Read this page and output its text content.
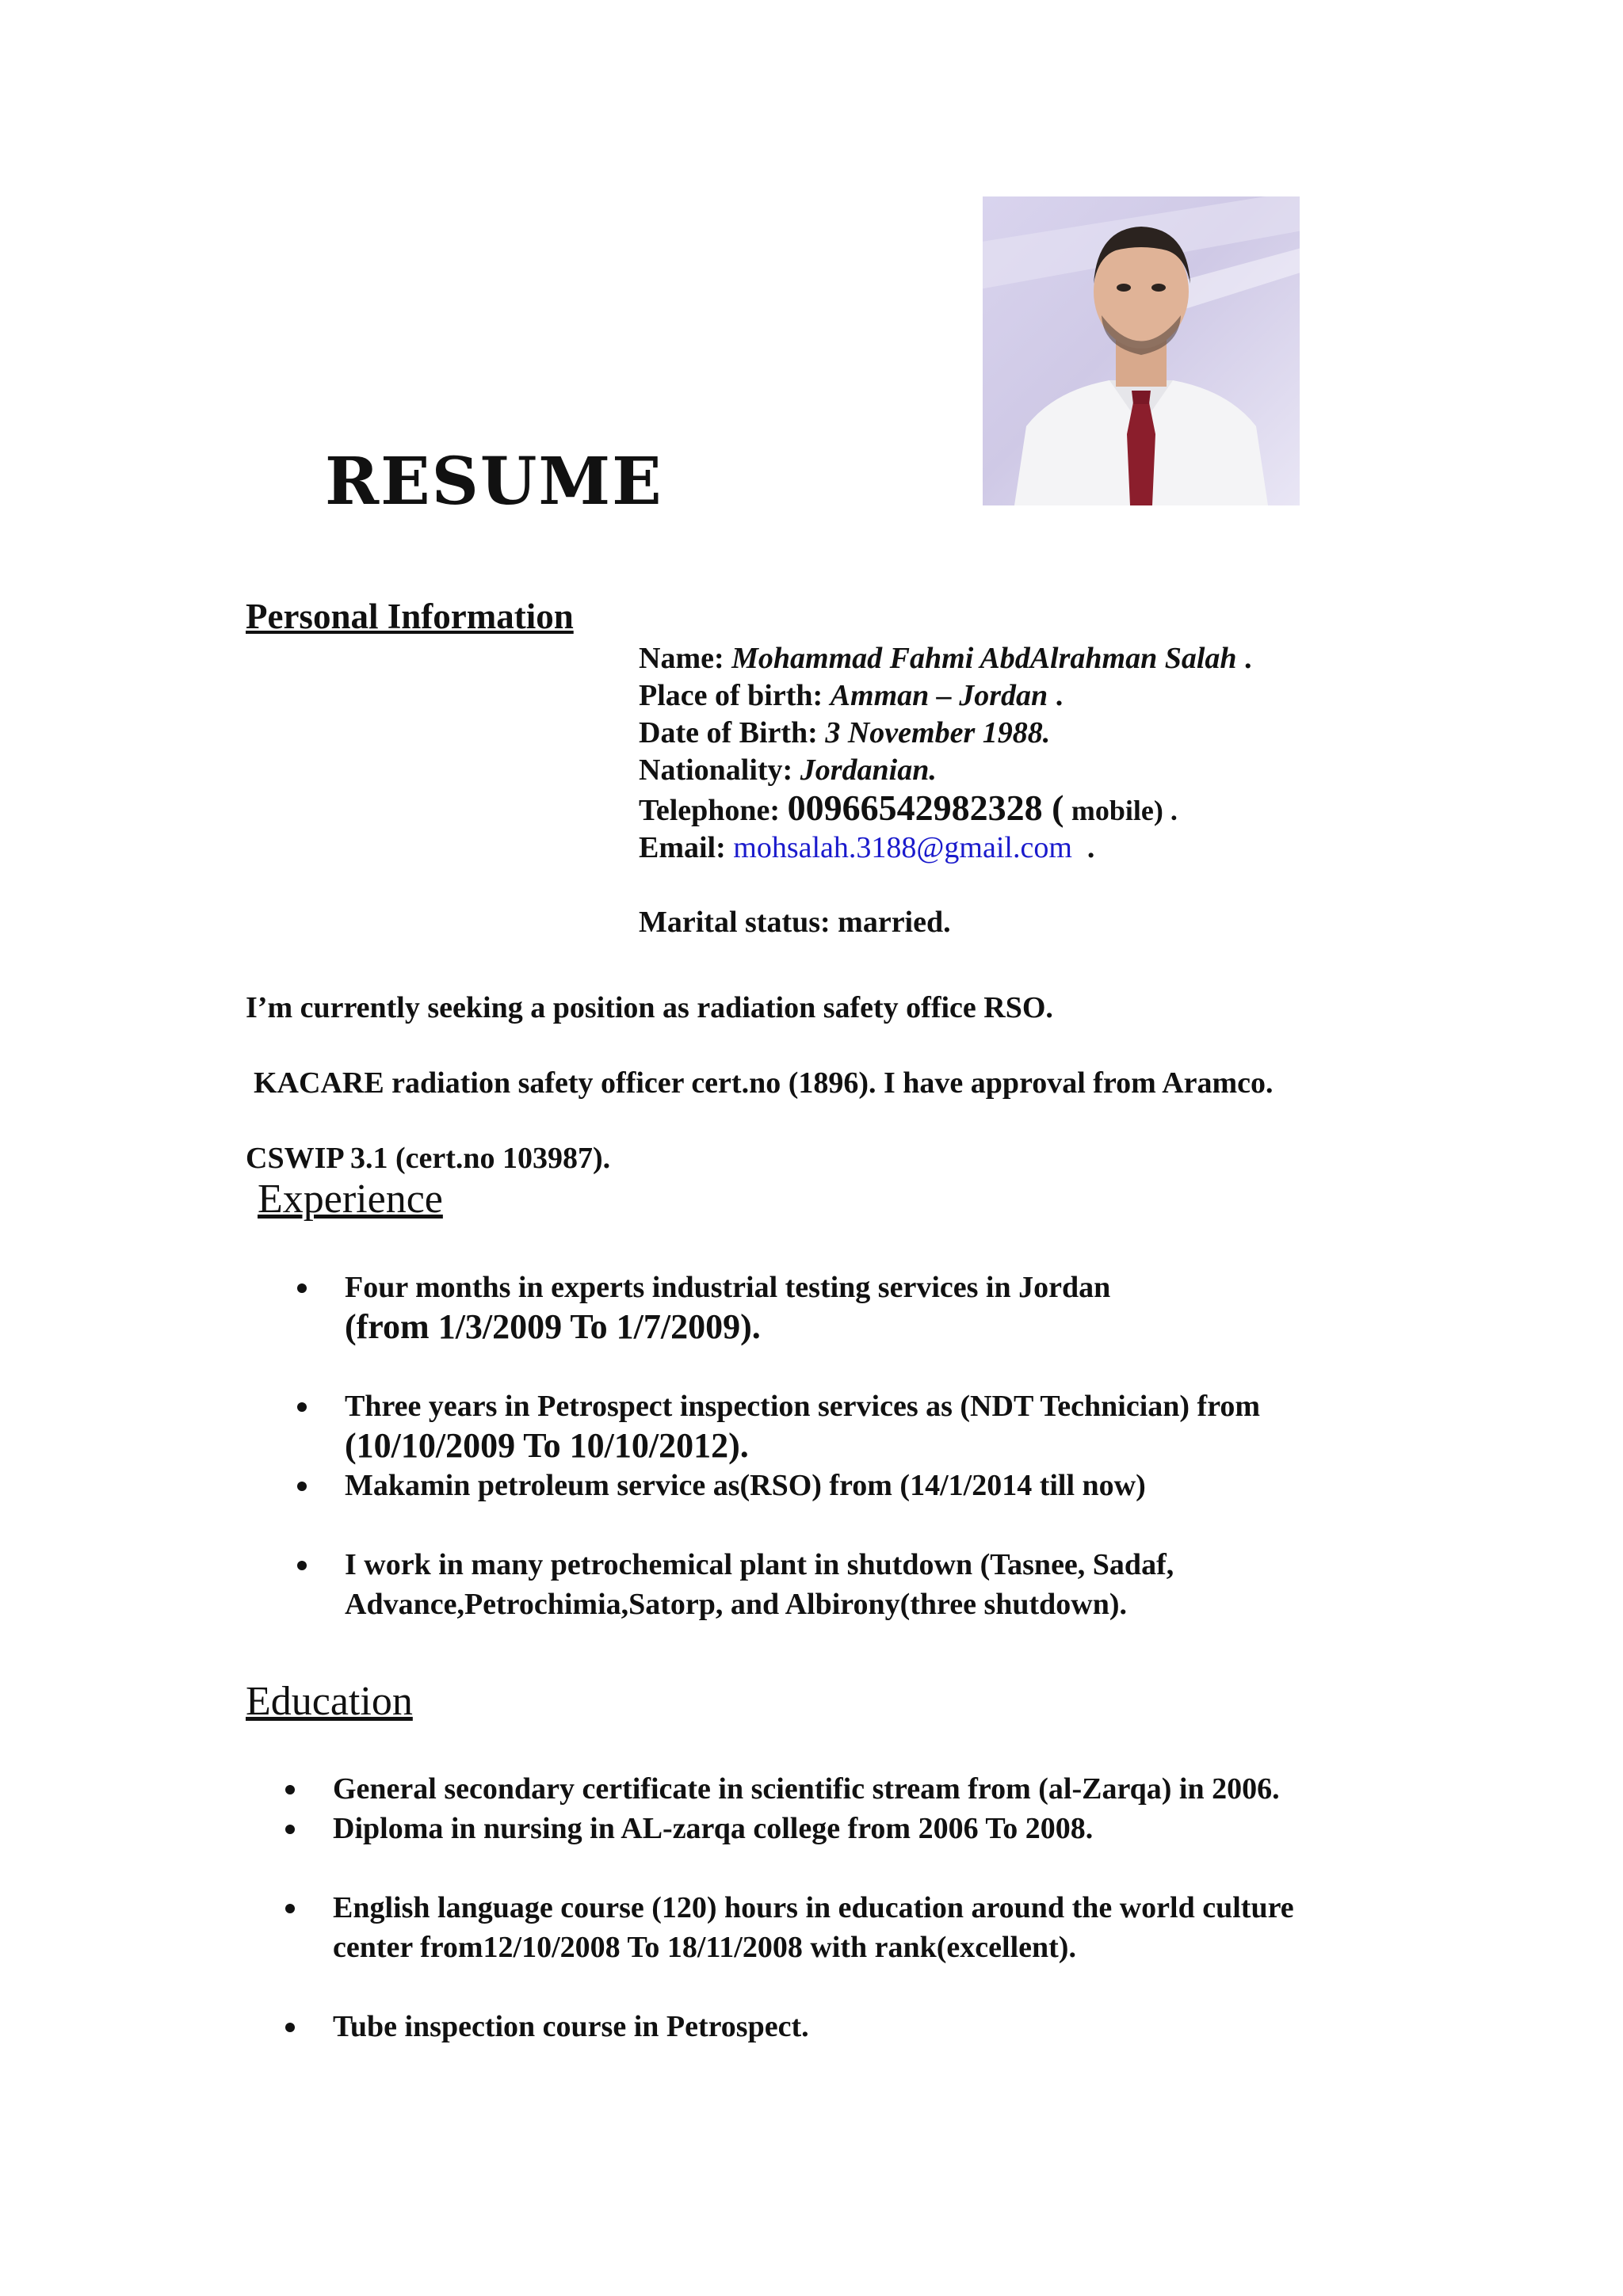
RESUME
Personal Information
Name: Mohammad Fahmi AbdAlrahman Salah .
Place of birth: Amman – Jordan .
Date of Birth: 3 November 1988.
Nationality: Jordanian.
Telephone: 00966542982328 ( mobile) .
Email: mohsalah.3188@gmail.com  .
Marital status: married.
I’m currently seeking a position as radiation safety office RSO.
KACARE radiation safety officer cert.no (1896). I have approval from Aramco.
CSWIP 3.1 (cert.no 103987).
Experience
Four months in experts industrial testing services in Jordan
(from 1/3/2009 To 1/7/2009).
Three years in Petrospect inspection services as (NDT Technician) from
(10/10/2009 To 10/10/2012).
Makamin petroleum service as(RSO) from (14/1/2014 till now)
I work in many petrochemical plant in shutdown (Tasnee, Sadaf,
Advance,Petrochimia,Satorp, and Albirony(three shutdown).
Education
General secondary certificate in scientific stream from (al-Zarqa) in 2006.
Diploma in nursing in AL-zarqa college from 2006 To 2008.
English language course (120) hours in education around the world culture
center from12/10/2008 To 18/11/2008 with rank(excellent).
Tube inspection course in Petrospect.
